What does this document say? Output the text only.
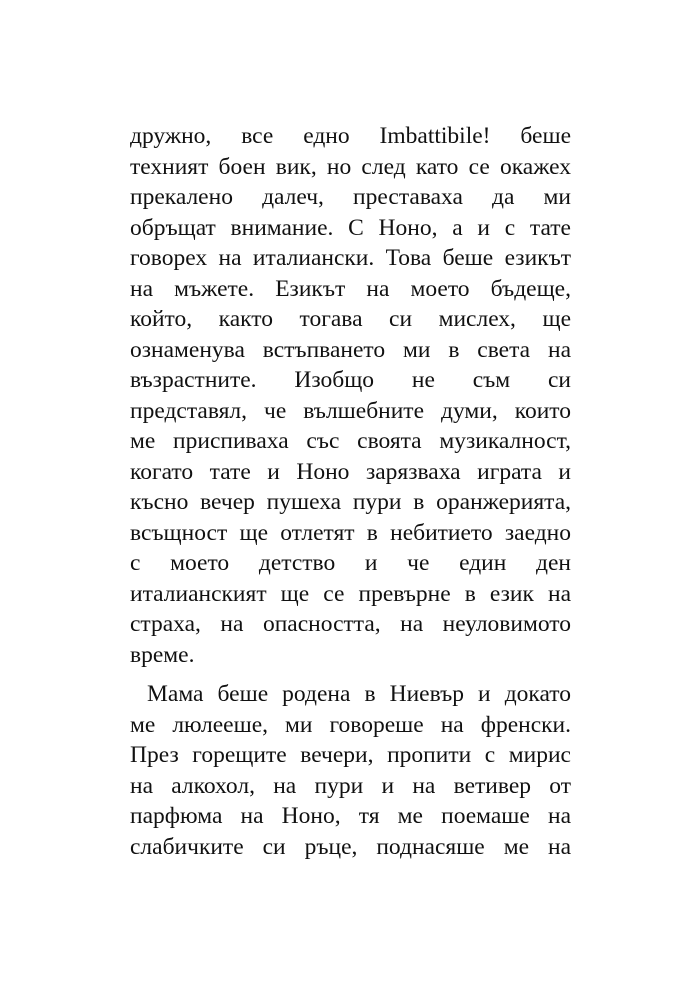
дружно, все едно Imbattibile! беше
техният боен вик, но след като се окажех
прекалено далеч, преставаха да ми
обръщат внимание. С Ноно, а и с тате
говорех на италиански. Това беше езикът
на мъжете. Езикът на моето бъдеще,
който, както тогава си мислех, ще
ознаменува встъпването ми в света на
възрастните. Изобщо не съм си
представял, че вълшебните думи, които
ме приспиваха със своята музикалност,
когато тате и Ноно зарязваха играта и
късно вечер пушеха пури в оранжерията,
всъщност ще отлетят в небитието заедно
с моето детство и че един ден
италианският ще се превърне в език на
страха, на опасността, на неуловимото
време.
Мама беше родена в Ниевър и докато
ме люлееше, ми говореше на френски.
През горещите вечери, пропити с мирис
на алкохол, на пури и на ветивер от
парфюма на Ноно, тя ме поемаше на
слабичките си ръце, поднасяше ме на
